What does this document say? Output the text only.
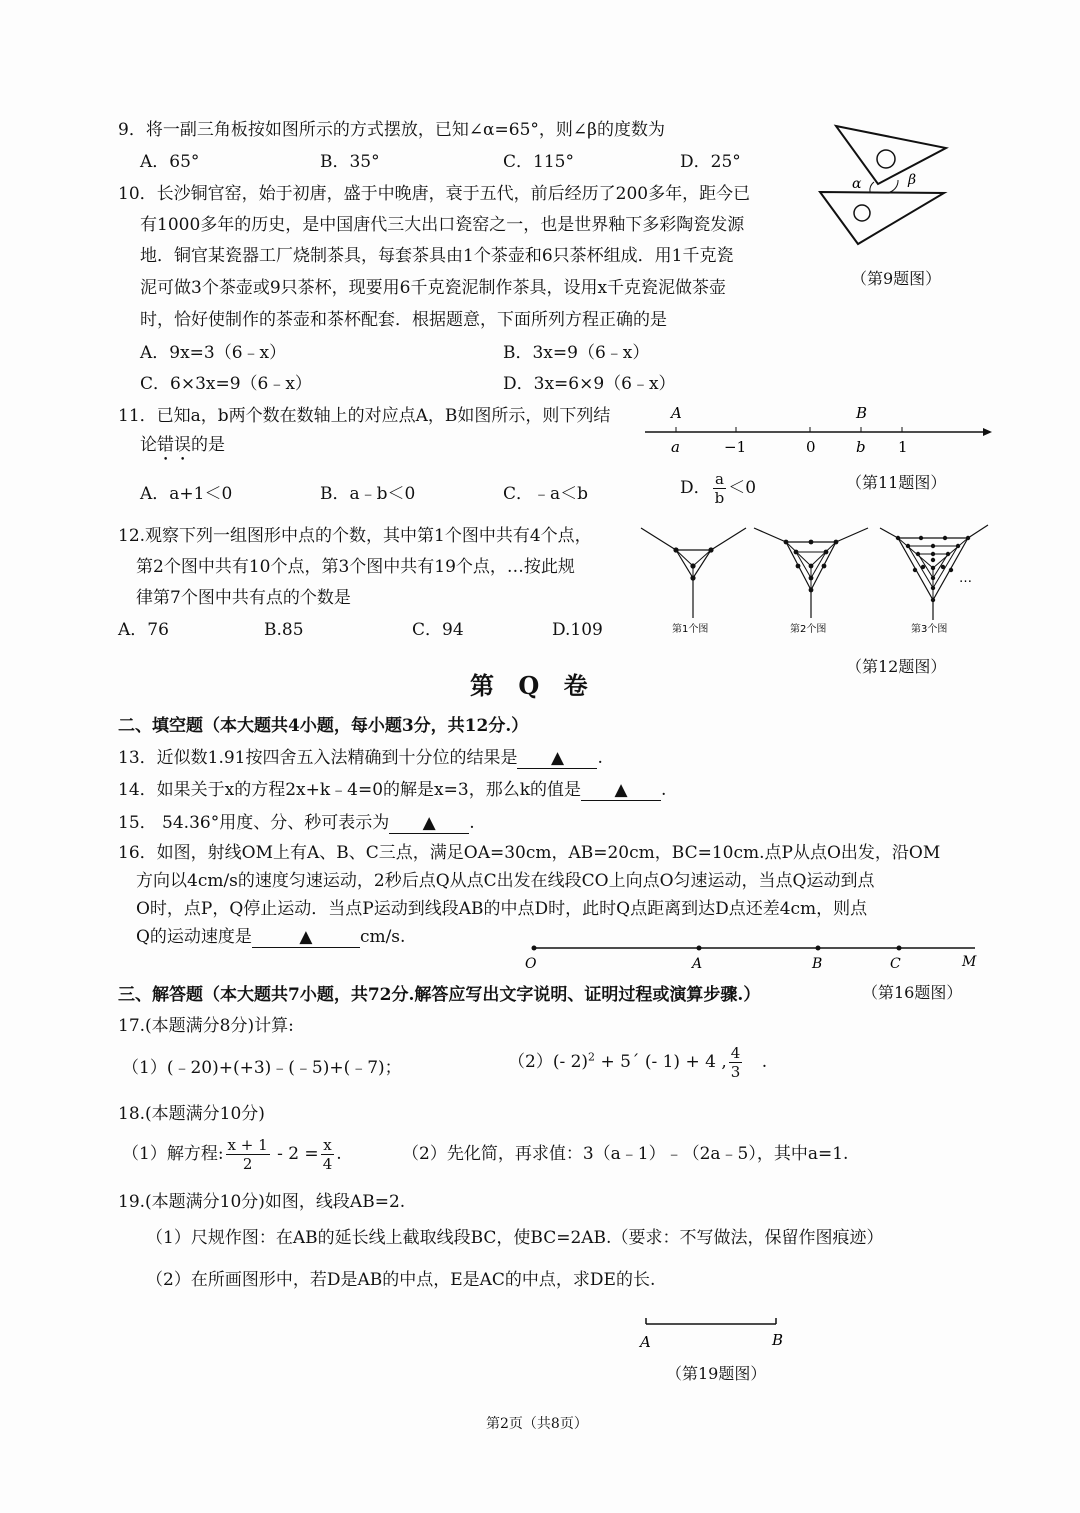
9．将一副三角板按如图所示的方式摆放，已知∠α=65°，则∠β的度数为
A．65°	B．35°	C．115°	D．25°
α	β
（第9题图）
10．长沙铜官窑，始于初唐，盛于中晚唐，衰于五代，前后经历了200多年，距今已
有1000多年的历史，是中国唐代三大出口瓷窑之一，也是世界釉下多彩陶瓷发源
地．铜官某瓷器工厂烧制茶具，每套茶具由1个茶壶和6只茶杯组成．用1千克瓷
泥可做3个茶壶或9只茶杯，现要用6千克瓷泥制作茶具，设用x千克瓷泥做茶壶
时，恰好使制作的茶壶和茶杯配套．根据题意，下面所列方程正确的是
A．9x=3（6﹣x）	B．3x=9（6﹣x）
C．6×3x=9（6﹣x）	D．3x=6×9（6﹣x）
11．已知a，b两个数在数轴上的对应点A，B如图所示，则下列结
论错误的是
A．a+1＜0	B．a﹣b＜0	C．﹣a＜b	D． $\frac{a}{b} <0$
A	B
a	−1	0	b 1
（第11题图）
12.观察下列一组图形中点的个数，其中第1个图中共有4个点，
第2个图中共有10个点，第3个图中共有19个点，…按此规
律第7个图中共有点的个数是
A．76	B.85	C．94	D.109	第1个图	第2个图	第3个图
…
（第12题图）
第 Q 卷
二、填空题（本大题共4小题，每小题3分，共12分.）
13．近似数1.91按四舍五入法精确到十分位的结果是 ▲ .
14．如果关于x的方程2x+k﹣4=0的解是x=3，那么k的值是 ▲ .
15． 54.36°用度、分、秒可表示为 ▲ .
16．如图，射线OM上有A、B、C三点，满足OA=30cm，AB=20cm，BC=10cm.点P从点O出发，沿OM
方向以4cm/s的速度匀速运动，2秒后点Q从点C出发在线段CO上向点O匀速运动，当点Q运动到点
O时，点P，Q停止运动．当点P运动到线段AB的中点D时，此时Q点距离到达D点还差4cm，则点
Q的运动速度是	▲	cm/s.
O	A	B	C	M
三、解答题（本大题共7小题，共72分.解答应写出文字说明、证明过程或演算步骤.）	（第16题图）
17.(本题满分8分)计算:
（1）(﹣20)+(+3)﹣(﹣5)+(﹣7)；	（2）(- 2)$^2$ + 5´ (- 1) + 4 , $\frac{4}{3}$ .
18.(本题满分10分)
（1）解方程: $\frac{x + 1}{2} - 2 = \frac{x}{4}$ .	（2）先化简，再求值：3（a﹣1）﹣（2a﹣5），其中a=1.
19.(本题满分10分)如图，线段AB=2.
（1）尺规作图：在AB的延长线上截取线段BC，使BC=2AB.（要求：不写做法，保留作图痕迹）
（2）在所画图形中，若D是AB的中点，E是AC的中点，求DE的长.
A	B
（第19题图）
第2页（共8页）
